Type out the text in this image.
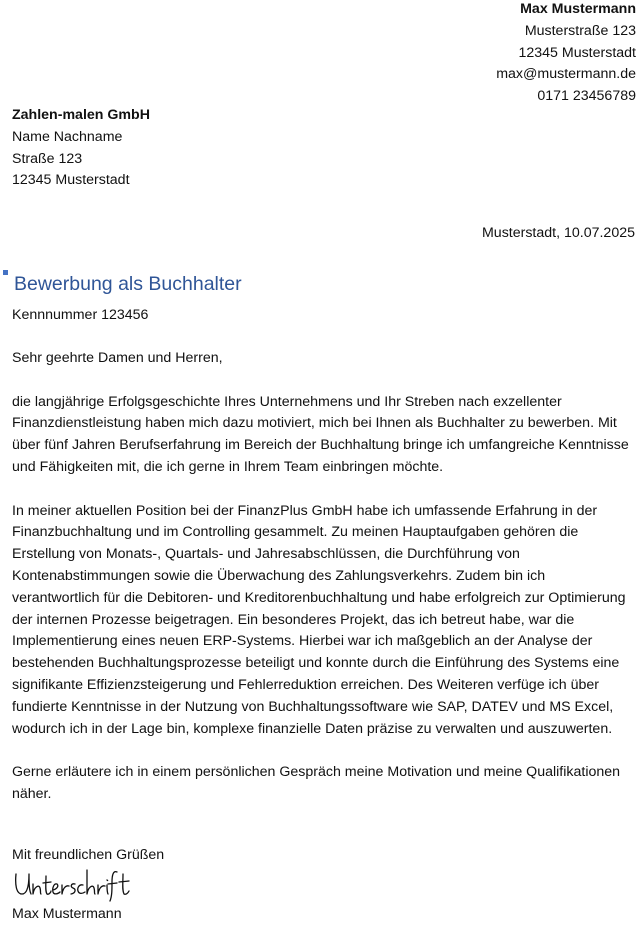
Max Mustermann
Musterstraße 123
12345 Musterstadt
max@mustermann.de
0171 23456789
Zahlen-malen GmbH
Name Nachname
Straße 123
12345 Musterstadt
Musterstadt, 10.07.2025
Bewerbung als Buchhalter
Kennnummer 123456

Sehr geehrte Damen und Herren,

die langjährige Erfolgsgeschichte Ihres Unternehmens und Ihr Streben nach exzellenter Finanzdienstleistung haben mich dazu motiviert, mich bei Ihnen als Buchhalter zu bewerben. Mit über fünf Jahren Berufserfahrung im Bereich der Buchhaltung bringe ich umfangreiche Kenntnisse und Fähigkeiten mit, die ich gerne in Ihrem Team einbringen möchte.

In meiner aktuellen Position bei der FinanzPlus GmbH habe ich umfassende Erfahrung in der Finanzbuchhaltung und im Controlling gesammelt. Zu meinen Hauptaufgaben gehören die Erstellung von Monats-, Quartals- und Jahresabschlüssen, die Durchführung von Kontenabstimmungen sowie die Überwachung des Zahlungsverkehrs. Zudem bin ich verantwortlich für die Debitoren- und Kreditorenbuchhaltung und habe erfolgreich zur Optimierung der internen Prozesse beigetragen. Ein besonderes Projekt, das ich betreut habe, war die Implementierung eines neuen ERP-Systems. Hierbei war ich maßgeblich an der Analyse der bestehenden Buchhaltungsprozesse beteiligt und konnte durch die Einführung des Systems eine signifikante Effizienzsteigerung und Fehlerreduktion erreichen. Des Weiteren verfüge ich über fundierte Kenntnisse in der Nutzung von Buchhaltungssoftware wie SAP, DATEV und MS Excel, wodurch ich in der Lage bin, komplexe finanzielle Daten präzise zu verwalten und auszuwerten.

Gerne erläutere ich in einem persönlichen Gespräch meine Motivation und meine Qualifikationen näher.

Mit freundlichen Grüßen
Max Mustermann
